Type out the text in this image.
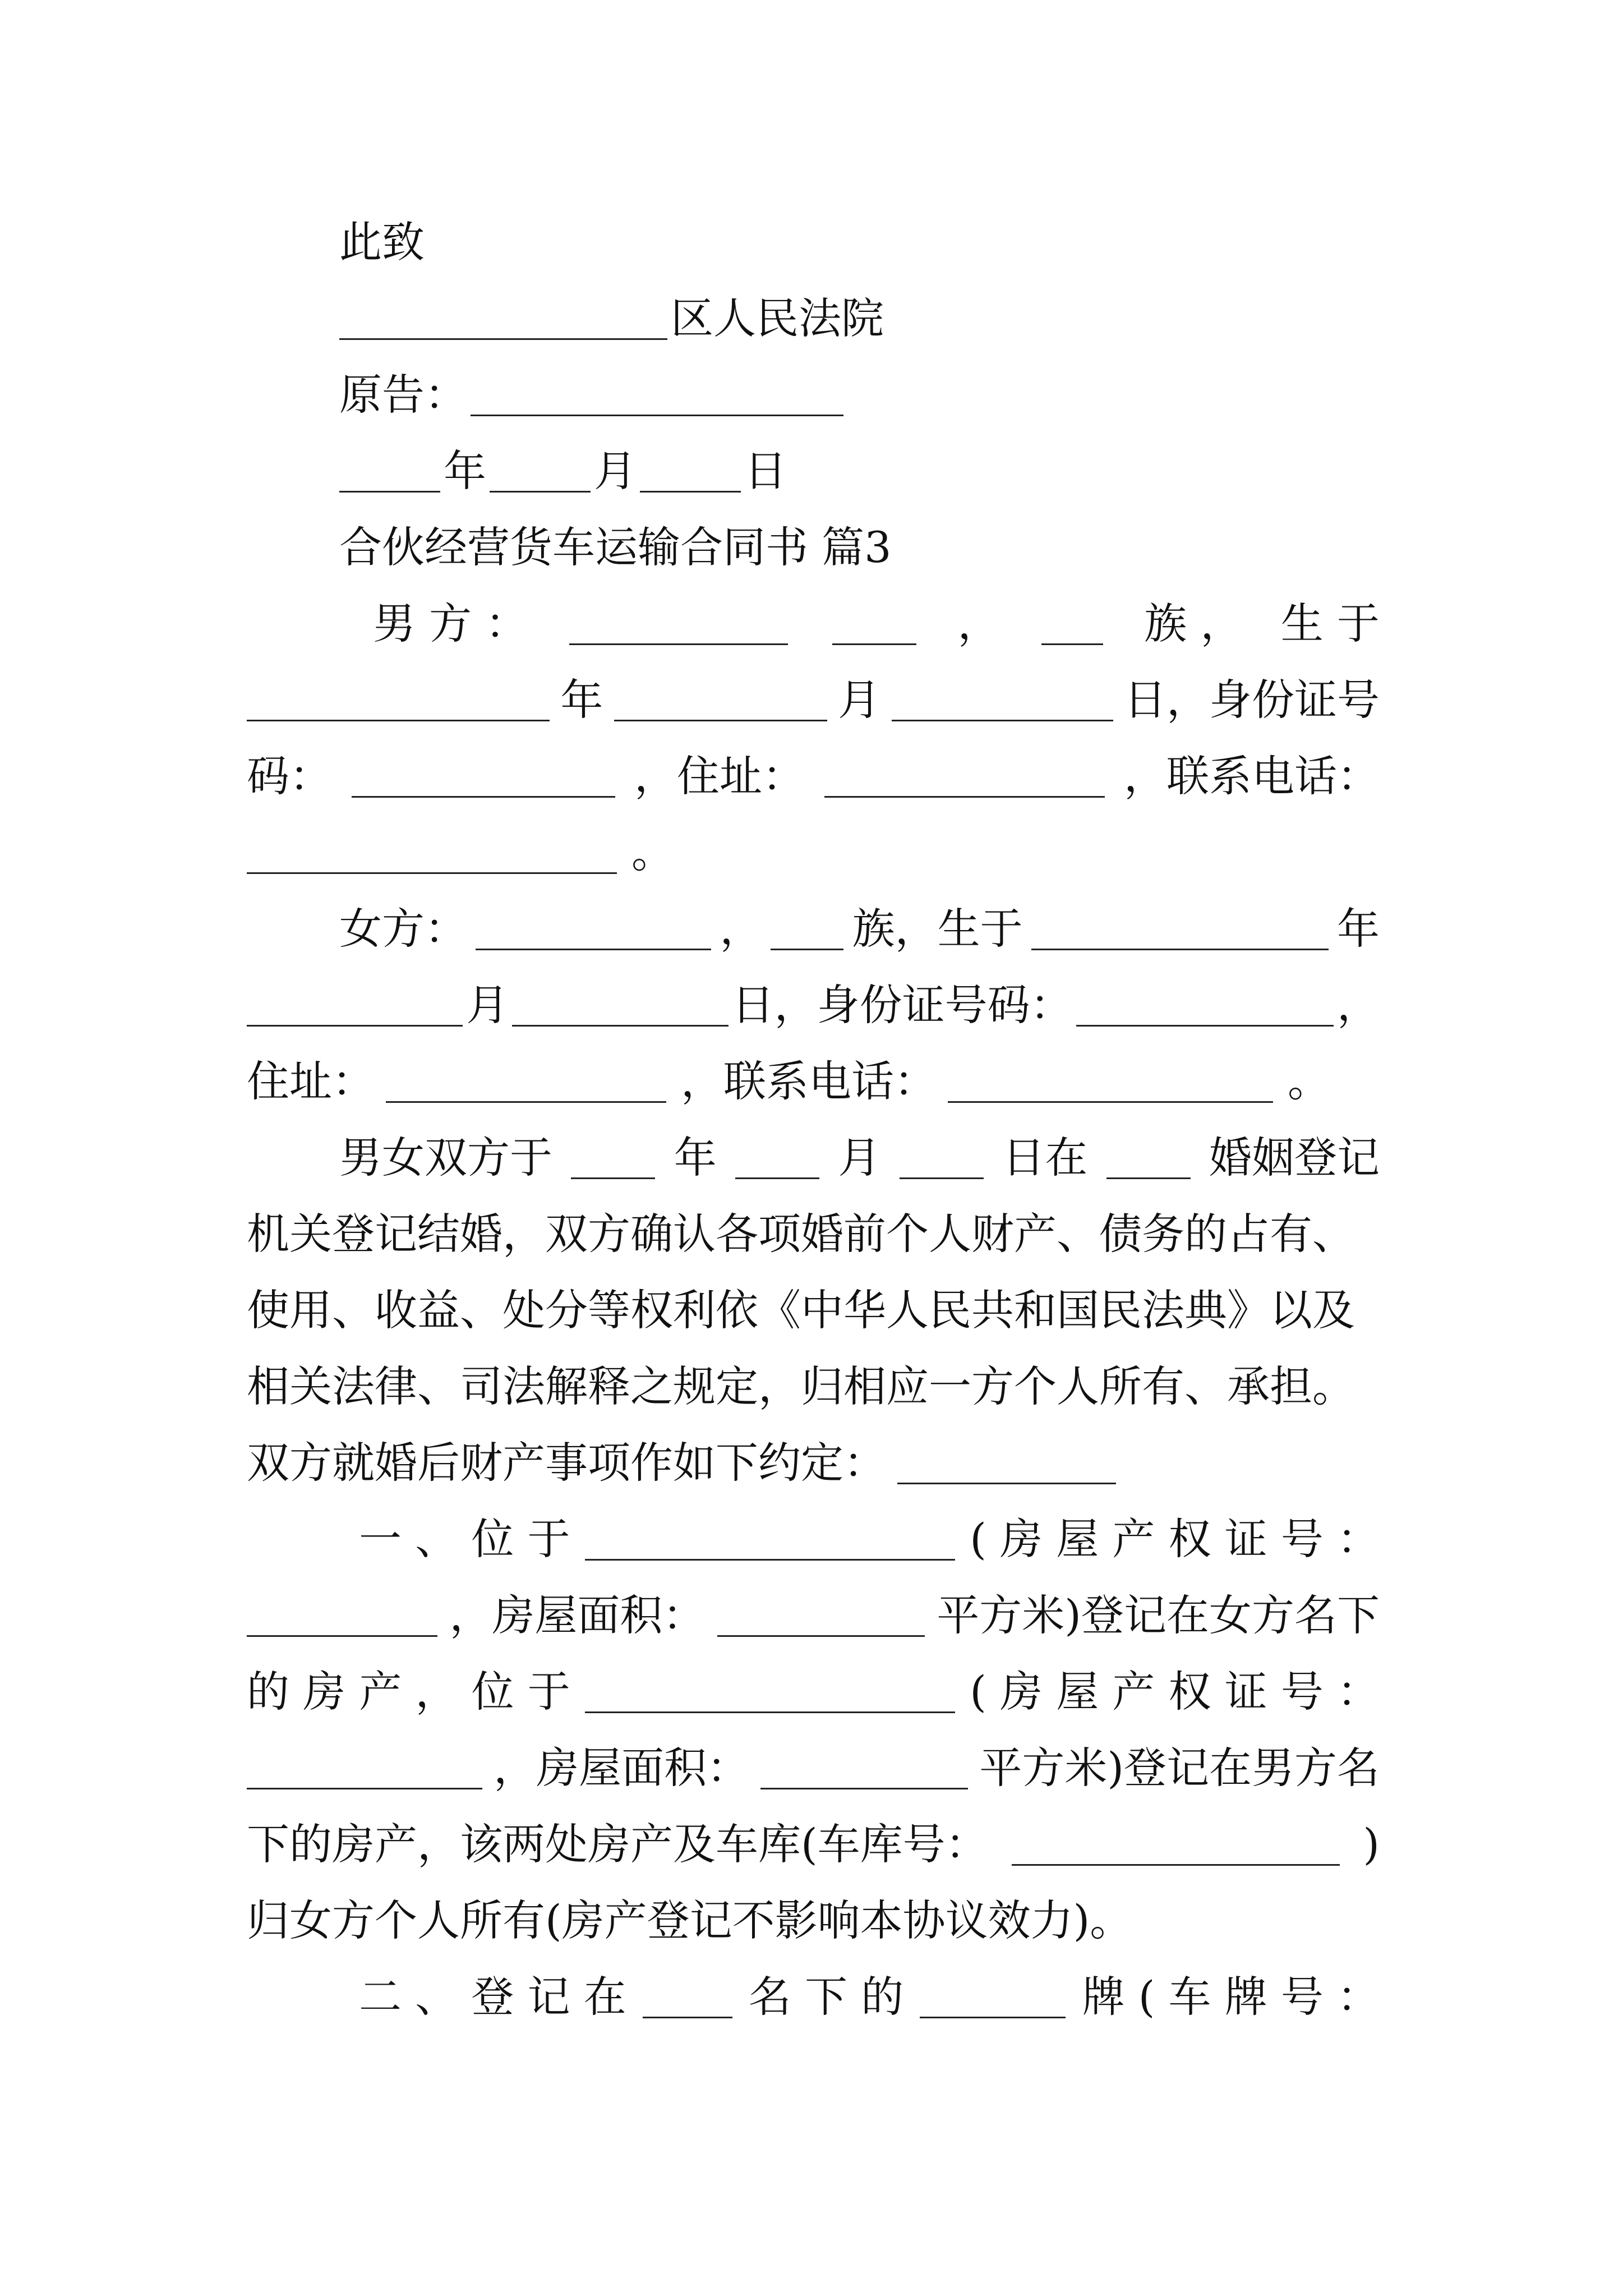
此致
区人民法院
原告：
年	月	日
合伙经营货车运输合同书 篇3
男 方 ：	，	族 ， 生 于
年	月	日，身份证号
码：	，住址：	，联系电话：
。
女方：	， 族，生于	年
月	日，身份证号码：	，
住址：	，联系电话：	。
男女双方于	年	月	日在	婚姻登记
机关登记结婚，双方确认各项婚前个人财产、债务的占有、
使用、收益、处分等权利依《中华人民共和国民法典》以及
相关法律、司法解释之规定，归相应一方个人所有、承担。
双方就婚后财产事项作如下约定：
一 、 位 于	( 房 屋 产 权 证 号 ：
，房屋面积：	平方米)登记在女方名下
的 房 产 ， 位 于	( 房 屋 产 权 证 号 ：
，房屋面积：	平方米)登记在男方名
下的房产，该两处房产及车库(车库号：	)
归女方个人所有(房产登记不影响本协议效力)。
二 、 登 记 在	名 下 的	牌 ( 车 牌 号 ：
